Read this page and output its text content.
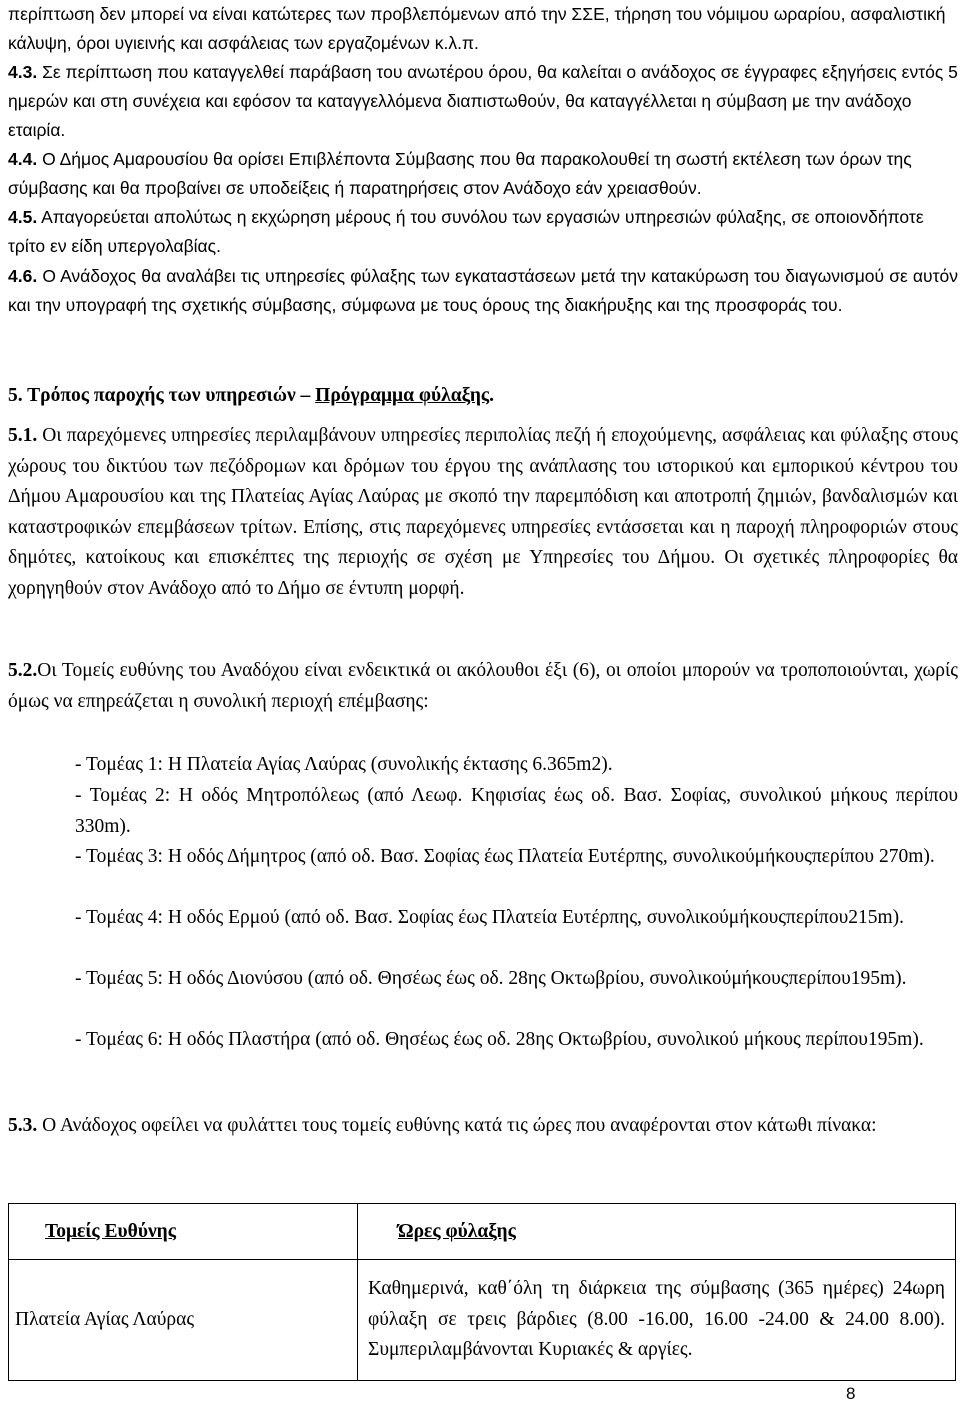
περίπτωση δεν μπορεί να είναι κατώτερες των προβλεπόμενων από την ΣΣΕ, τήρηση του νόμιμου ωραρίου, ασφαλιστική κάλυψη, όροι υγιεινής και ασφάλειας των εργαζομένων κ.λ.π.

4.3. Σε περίπτωση που καταγγελθεί παράβαση του ανωτέρου όρου, θα καλείται ο ανάδοχος σε έγγραφες εξηγήσεις εντός 5 ημερών και στη συνέχεια και εφόσον τα καταγγελλόμενα διαπιστωθούν, θα καταγγέλλεται η σύμβαση με την ανάδοχο εταιρία.

4.4. Ο Δήμος Αμαρουσίου θα ορίσει Επιβλέποντα Σύμβασης που θα παρακολουθεί τη σωστή εκτέλεση των όρων της σύμβασης και θα προβαίνει σε υποδείξεις ή παρατηρήσεις στον Ανάδοχο εάν χρειασθούν.

4.5. Απαγορεύεται απολύτως η εκχώρηση μέρους ή του συνόλου των εργασιών υπηρεσιών φύλαξης, σε οποιονδήποτε τρίτο εν είδη υπεργολαβίας.

4.6. Ο Ανάδοχος θα αναλάβει τις υπηρεσίες φύλαξης των εγκαταστάσεων μετά την κατακύρωση του διαγωνισμού σε αυτόν και την υπογραφή της σχετικής σύμβασης, σύμφωνα με τους όρους της διακήρυξης και της προσφοράς του.

5. Τρόπος παροχής των υπηρεσιών – Πρόγραμμα φύλαξης.

5.1. Οι παρεχόμενες υπηρεσίες περιλαμβάνουν υπηρεσίες περιπολίας πεζή ή εποχούμενης, ασφάλειας και φύλαξης στους χώρους του δικτύου των πεζόδρομων και δρόμων του έργου της ανάπλασης του ιστορικού και εμπορικού κέντρου του Δήμου Αμαρουσίου και της Πλατείας Αγίας Λαύρας με σκοπό την παρεμπόδιση και αποτροπή ζημιών, βανδαλισμών και καταστροφικών επεμβάσεων τρίτων. Επίσης, στις παρεχόμενες υπηρεσίες εντάσσεται και η παροχή πληροφοριών στους δημότες, κατοίκους και επισκέπτες της περιοχής σε σχέση με Υπηρεσίες του Δήμου. Οι σχετικές πληροφορίες θα χορηγηθούν στον Ανάδοχο από το Δήμο σε έντυπη μορφή.

5.2.Οι Τομείς ευθύνης του Αναδόχου είναι ενδεικτικά οι ακόλουθοι έξι (6), οι οποίοι μπορούν να τροποποιούνται, χωρίς όμως να επηρεάζεται η συνολική περιοχή επέμβασης:

- Τομέας 1: Η Πλατεία Αγίας Λαύρας (συνολικής έκτασης 6.365m2).

- Τομέας 2: Η οδός Μητροπόλεως (από Λεωφ. Κηφισίας έως οδ. Βασ. Σοφίας, συνολικού μήκους περίπου 330m).

- Τομέας 3: Η οδός Δήμητρος (από οδ. Βασ. Σοφίας έως Πλατεία Ευτέρπης, συνολικούμήκουςπερίπου 270m).

- Τομέας 4: Η οδός Ερμού (από οδ. Βασ. Σοφίας έως Πλατεία Ευτέρπης, συνολικούμήκουςπερίπου215m).

- Τομέας 5: Η οδός Διονύσου (από οδ. Θησέως έως οδ. 28ης Οκτωβρίου, συνολικούμήκουςπερίπου195m).

- Τομέας 6: Η οδός Πλαστήρα (από οδ. Θησέως έως οδ. 28ης Οκτωβρίου, συνολικού μήκους περίπου195m).

5.3. Ο Ανάδοχος οφείλει να φυλάττει τους τομείς ευθύνης κατά τις ώρες που αναφέρονται στον κάτωθι πίνακα:

Τομείς Ευθύνης	Ώρες φύλαξης
Πλατεία Αγίας Λαύρας	Καθημερινά, καθ΄όλη τη διάρκεια της σύμβασης (365 ημέρες) 24ωρη φύλαξη σε τρεις βάρδιες (8.00 -16.00, 16.00 -24.00 & 24.00 8.00). Συμπεριλαμβάνονται Κυριακές & αργίες.
8
